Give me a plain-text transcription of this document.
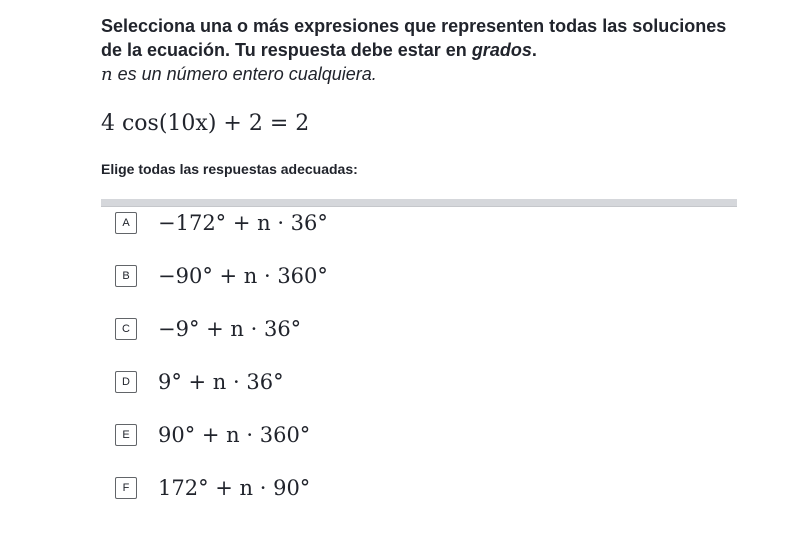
Selecciona una o más expresiones que representen todas las soluciones
de la ecuación. Tu respuesta debe estar en grados.

n es un número entero cualquiera.

4 cos(10x) + 2 = 2
Elige todas las respuestas adecuadas:
A	−172° + n · 36°
B	−90° + n · 360°
C	−9° + n · 36°
D	9° + n · 36°
E	90° + n · 360°
F	172° + n · 90°
